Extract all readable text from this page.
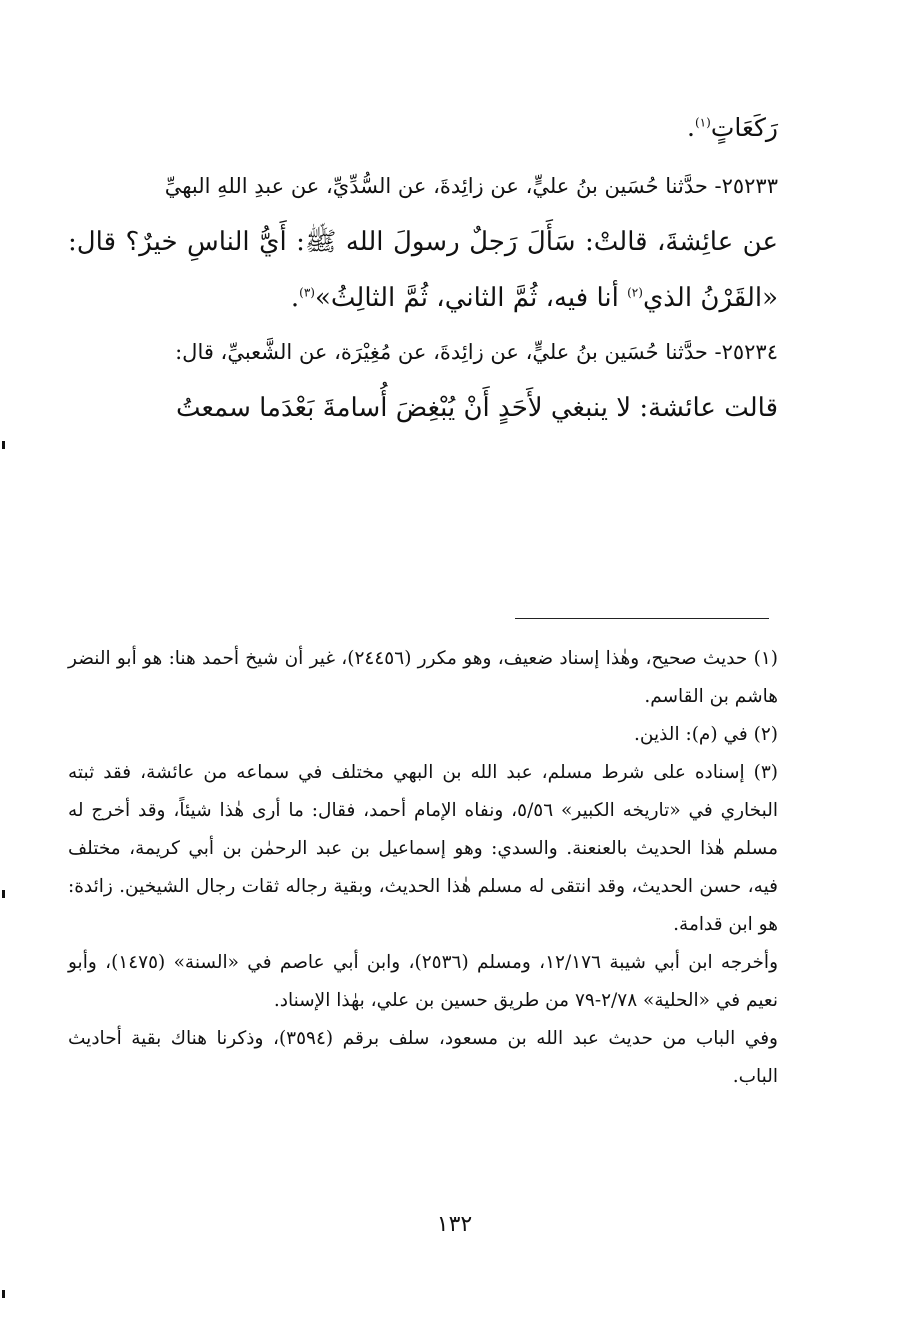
رَكَعَاتٍ$^{(١)}$.

٢٥٢٣٣- حدَّثنا حُسَين بنُ عليٍّ، عن زائِدةَ، عن السُّدِّيِّ، عن عبدِ اللهِ البهيِّ

عن عائِشةَ، قالتْ: سَأَلَ رَجلٌ رسولَ الله ﷺ: أَيُّ الناسِ خيرٌ؟ قال: «القَرْنُ الذي$^{(٢)}$ أنا فيه، ثُمَّ الثاني، ثُمَّ الثالِثُ»$^{(٣)}$.

٢٥٢٣٤- حدَّثنا حُسَين بنُ عليٍّ، عن زائِدةَ، عن مُغِيْرَة، عن الشَّعبيِّ، قال:

قالت عائشة: لا ينبغي لأَحَدٍ أَنْ يُبْغِضَ أُسامةَ بَعْدَما سمعتُ

(١) حديث صحيح، وهٰذا إسناد ضعيف، وهو مكرر (٢٤٤٥٦)، غير أن شيخ أحمد هنا: هو أبو النضر هاشم بن القاسم.

(٢) في (م): الذين.

(٣) إسناده على شرط مسلم، عبد الله بن البهي مختلف في سماعه من عائشة، فقد ثبته البخاري في «تاريخه الكبير» ٥/٥٦، ونفاه الإمام أحمد، فقال: ما أرى هٰذا شيئاً، وقد أخرج له مسلم هٰذا الحديث بالعنعنة. والسدي: وهو إسماعيل بن عبد الرحمٰن بن أبي كريمة، مختلف فيه، حسن الحديث، وقد انتقى له مسلم هٰذا الحديث، وبقية رجاله ثقات رجال الشيخين. زائدة: هو ابن قدامة.

وأخرجه ابن أبي شيبة ١٢/١٧٦، ومسلم (٢٥٣٦)، وابن أبي عاصم في «السنة» (١٤٧٥)، وأبو نعيم في «الحلية» ٢/٧٨-٧٩ من طريق حسين بن علي، بهٰذا الإسناد.

وفي الباب من حديث عبد الله بن مسعود، سلف برقم (٣٥٩٤)، وذكرنا هناك بقية أحاديث الباب.

١٣٢
